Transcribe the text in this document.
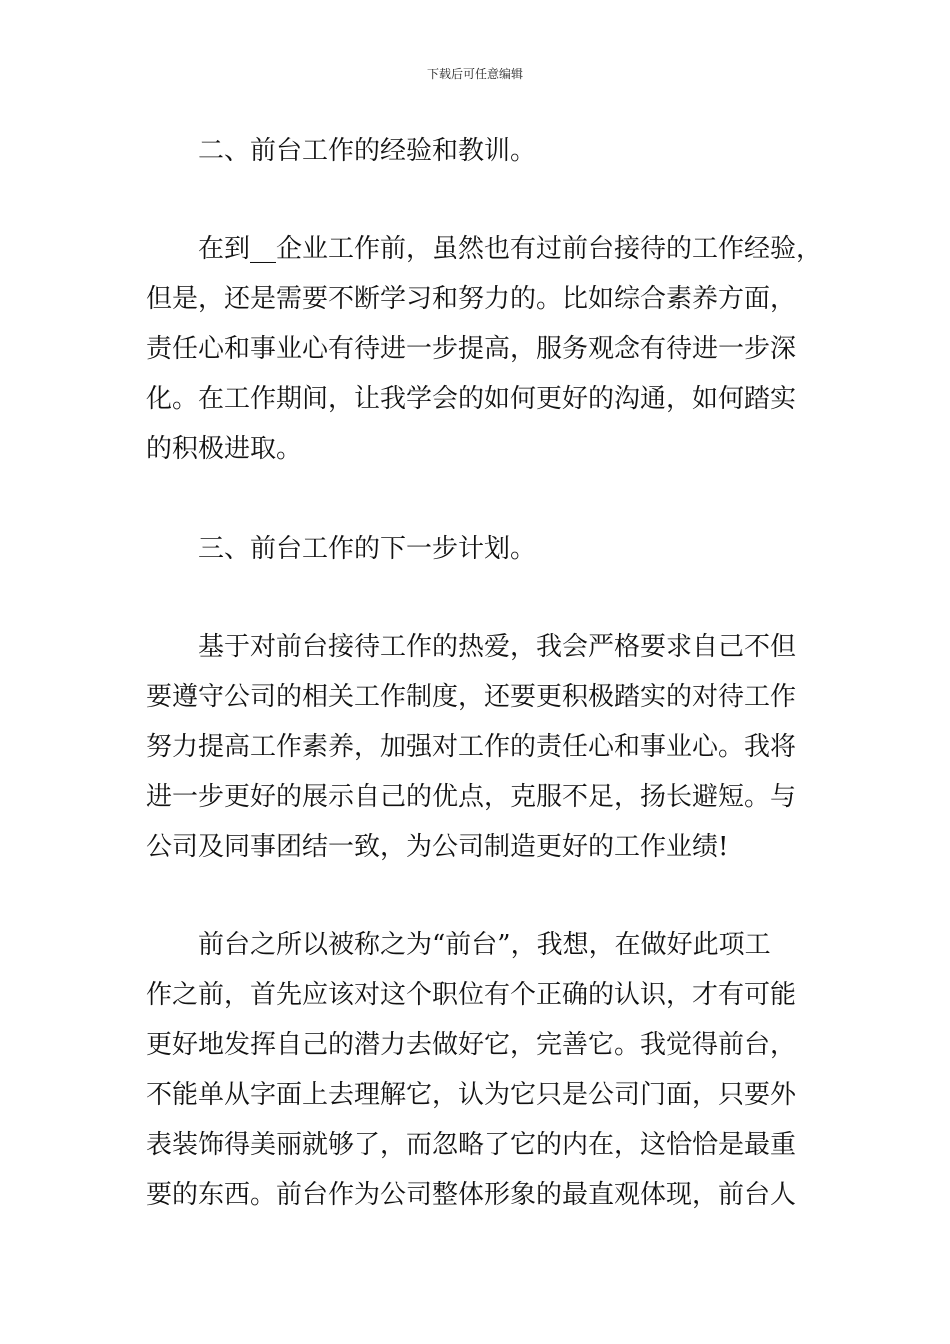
下载后可任意编辑
二、前台工作的经验和教训。
在到__企业工作前，虽然也有过前台接待的工作经验，
但是，还是需要不断学习和努力的。比如综合素养方面，
责任心和事业心有待进一步提高，服务观念有待进一步深
化。在工作期间，让我学会的如何更好的沟通，如何踏实
的积极进取。
三、前台工作的下一步计划。
基于对前台接待工作的热爱，我会严格要求自己不但
要遵守公司的相关工作制度，还要更积极踏实的对待工作
努力提高工作素养，加强对工作的责任心和事业心。我将
进一步更好的展示自己的优点，克服不足，扬长避短。与
公司及同事团结一致，为公司制造更好的工作业绩!
前台之所以被称之为“前台”，我想，在做好此项工
作之前，首先应该对这个职位有个正确的认识，才有可能
更好地发挥自己的潜力去做好它，完善它。我觉得前台，
不能单从字面上去理解它，认为它只是公司门面，只要外
表装饰得美丽就够了，而忽略了它的内在，这恰恰是最重
要的东西。前台作为公司整体形象的最直观体现，前台人
